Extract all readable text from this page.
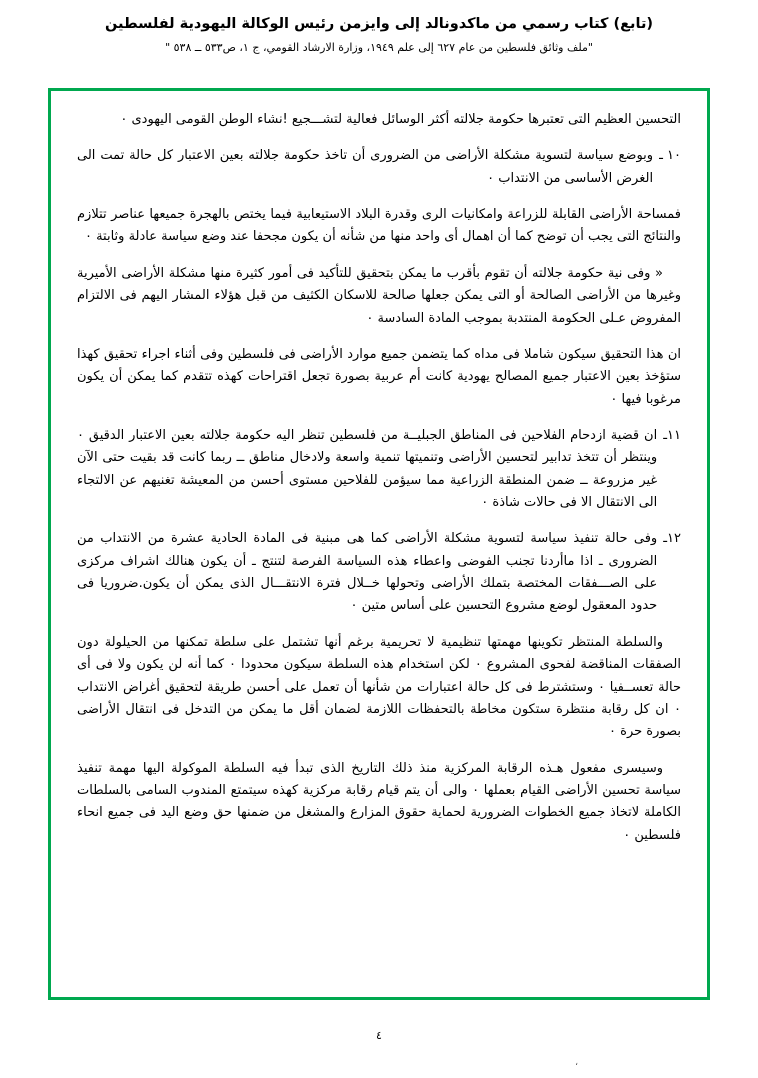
(تابع) كتاب رسمي من ماكدونالد إلى وايزمن رئيس الوكالة اليهودية لفلسطين
"ملف وثائق فلسطين من عام ٦٢٧ إلى علم ١٩٤٩، وزارة الارشاد القومي، ج ١، ص٥٣٣ ــ ٥٣٨ "

التحسين العظيم التى تعتبرها حكومة جلالته أكثر الوسائل فعالية لتشـــجيع !نشاء الوطن القومى اليهودى ٠

١٠ ـ
وبوضع سياسة لتسوية مشكلة الأراضى من الضرورى أن تاخذ حكومة جلالته بعين الاعتبار كل حالة تمت الى الغرض الأساسى من الانتداب ٠

فمساحة الأراضى القابلة للزراعة وامكانيات الرى وقدرة البلاد الاستيعابية فيما يختص بالهجرة جميعها عناصر تتلازم والنتائج التى يجب أن توضح كما أن اهمال أى واحد منها من شأنه أن يكون مجحفا عند وضع سياسة عادلة وثابتة ٠

« وفى نية حكومة جلالته أن تقوم بأقرب ما يمكن بتحقيق للتأكيد فى أمور كثيرة منها مشكلة الأراضى الأميرية وغيرها من الأراضى الصالحة أو التى يمكن جعلها صالحة للاسكان الكثيف من قبل هؤلاء المشار اليهم فى الالتزام المفروض عـلى الحكومة المنتدبة بموجب المادة السادسة ٠

ان هذا التحقيق سيكون شاملا فى مداه كما يتضمن جميع موارد الأراضى فى فلسطين وفى أثناء اجراء تحقيق كهذا ستؤخذ بعين الاعتبار جميع المصالح يهودية كانت أم عربية بصورة تجعل اقتراحات كهذه تتقدم كما يمكن أن يكون مرغوبا فيها ٠

١١ـ
ان قضية ازدحام الفلاحين فى المناطق الجبليــة من فلسطين تنظر اليه حكومة جلالته بعين الاعتبار الدقيق ٠ وينتظر أن تتخذ تدابير لتحسين الأراضى وتنميتها تنمية واسعة ولادخال مناطق ــ ربما كانت قد بقيت حتى الآن غير مزروعة ــ ضمن المنطقة الزراعية مما سيؤمن للفلاحين مستوى أحسن من المعيشة تغنيهم عن الالتجاء الى الانتقال الا فى حالات شاذة ٠
١٢ـ
وفى حالة تنفيذ سياسة لتسوية مشكلة الأراضى كما هى مبنية فى المادة الحادية عشرة من الانتداب من الضرورى ـ اذا ماأردنا تجنب الفوضى واعطاء هذه السياسة الفرصة لتنتج ـ أن يكون هنالك اشراف مركزى على الصـــفقات المختصة بتملك الأراضى وتحولها خــلال فترة الانتقـــال الذى يمكن أن يكون.ضروريا فى حدود المعقول لوضع مشروع التحسين على أساس متين ٠

والسلطة المنتظر تكوينها مهمتها تنظيمية لا تحريمية برغم أنها تشتمل على سلطة تمكنها من الحيلولة دون الصفقات المناقضة لفحوى المشروع ٠ لكن استخدام هذه السلطة سيكون محدودا ٠ كما أنه لن يكون ولا فى أى حالة تعســفيا ٠ وستشترط فى كل حالة اعتبارات من شأنها أن تعمل على أحسن طريقة لتحقيق أغراض الانتداب ٠ ان كل رقابة منتظرة ستكون مخاطة بالتحفظات اللازمة لضمان أقل ما يمكن من التدخل فى انتقال الأراضى بصورة حرة ٠

وسيسرى مفعول هـذه الرقابة المركزية منذ ذلك التاريخ الذى تبدأ فيه السلطة الموكولة اليها مهمة تنفيذ سياسة تحسين الأراضى القيام بعملها ٠ والى أن يتم قيام رقابة مركزية كهذه سيتمتع المندوب السامى بالسلطات الكاملة لاتخاذ جميع الخطوات الضرورية لحماية حقوق المزارع والمشغل من ضمنها حق وضع اليد فى جميع انحاء فلسطين ٠

٤
،
